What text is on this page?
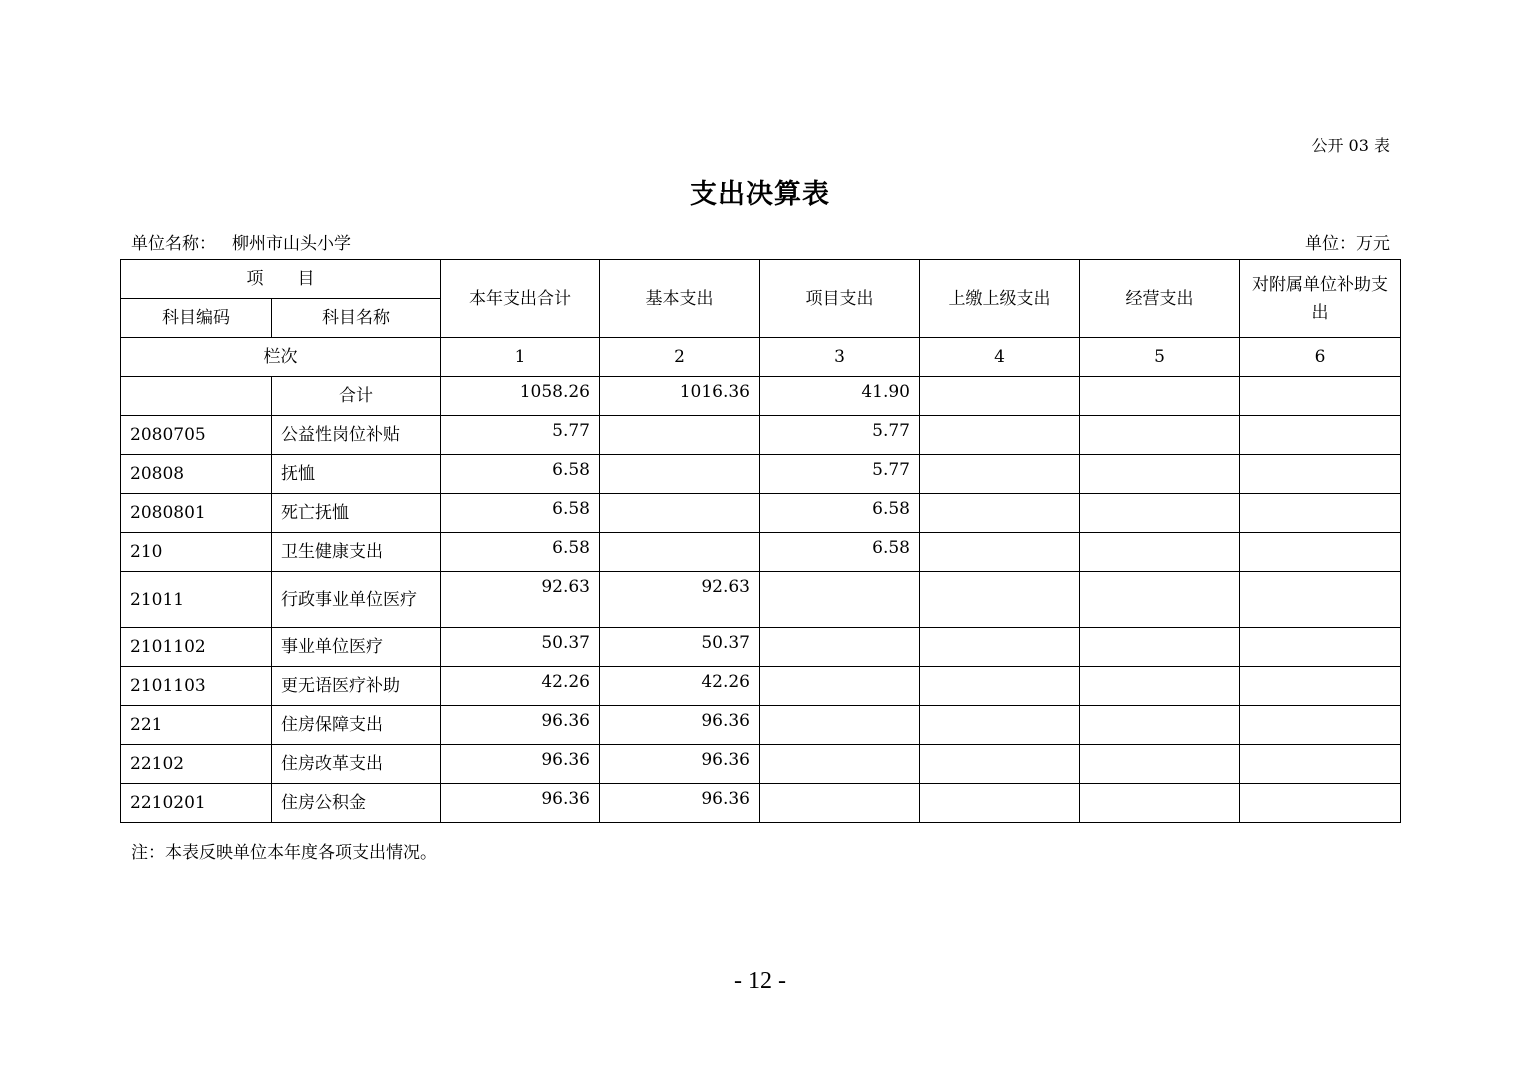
公开 03 表
支出决算表
单位名称： 柳州市山头小学	单位：万元
项　　目		本年支出合计	基本支出	项目支出	上缴上级支出	经营支出	对附属单位补助支出
科目编码	科目名称						
栏次		1	2	3	4	5	6
	合计	1058.26	1016.36	41.90			
2080705	公益性岗位补贴	5.77		5.77			
20808	抚恤	6.58		5.77			
2080801	死亡抚恤	6.58		6.58			
210	卫生健康支出	6.58		6.58			
21011	行政事业单位医疗	92.63	92.63				
2101102	事业单位医疗	50.37	50.37				
2101103	更无语医疗补助	42.26	42.26				
221	住房保障支出	96.36	96.36				
22102	住房改革支出	96.36	96.36				
2210201	住房公积金	96.36	96.36				
注：本表反映单位本年度各项支出情况。
- 12 -
